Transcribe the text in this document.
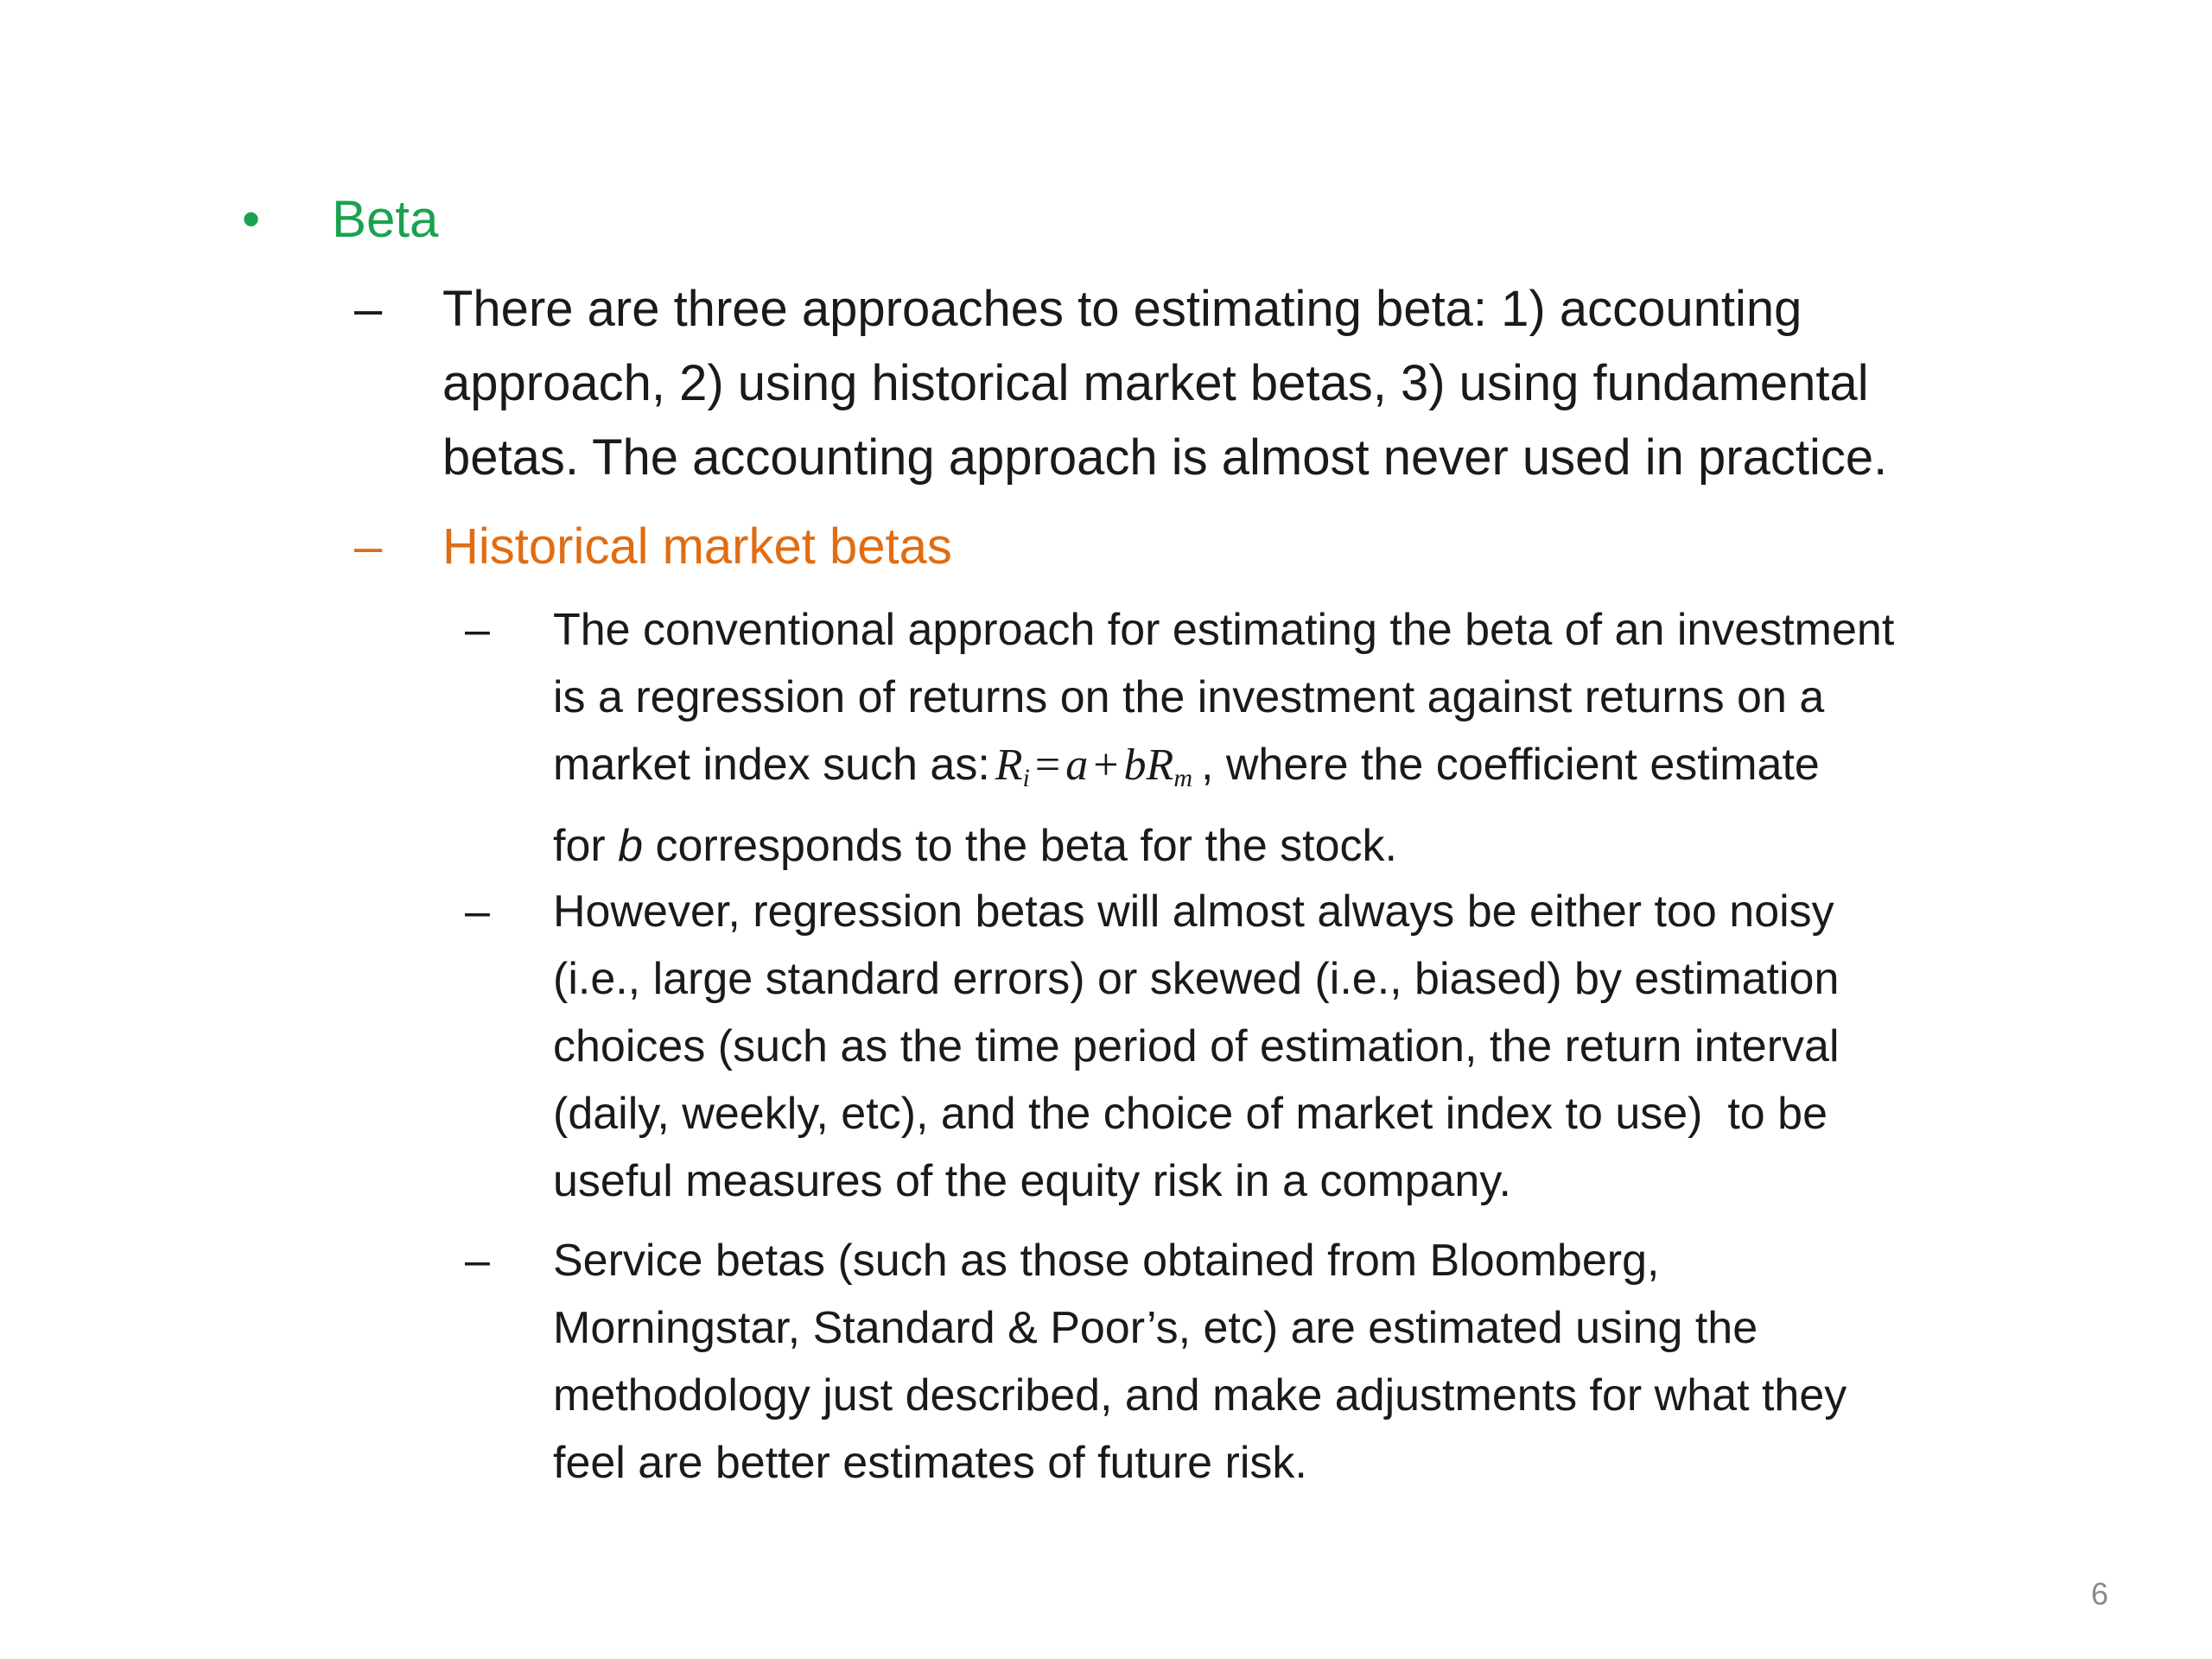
•	Beta
–	There are three approaches to estimating beta: 1) accounting
approach, 2) using historical market betas, 3) using fundamental
betas. The accounting approach is almost never used in practice.
–	Historical market betas
–	The conventional approach for estimating the beta of an investment
is a regression of returns on the investment against returns on a
market index such as: $R_i = a + bR_m$ , where the coefficient estimate
for b corresponds to the beta for the stock.
–	However, regression betas will almost always be either too noisy
(i.e., large standard errors) or skewed (i.e., biased) by estimation
choices (such as the time period of estimation, the return interval
(daily, weekly, etc), and the choice of market index to use)  to be
useful measures of the equity risk in a company.
–	Service betas (such as those obtained from Bloomberg,
Morningstar, Standard & Poor’s, etc) are estimated using the
methodology just described, and make adjustments for what they
feel are better estimates of future risk.
6
